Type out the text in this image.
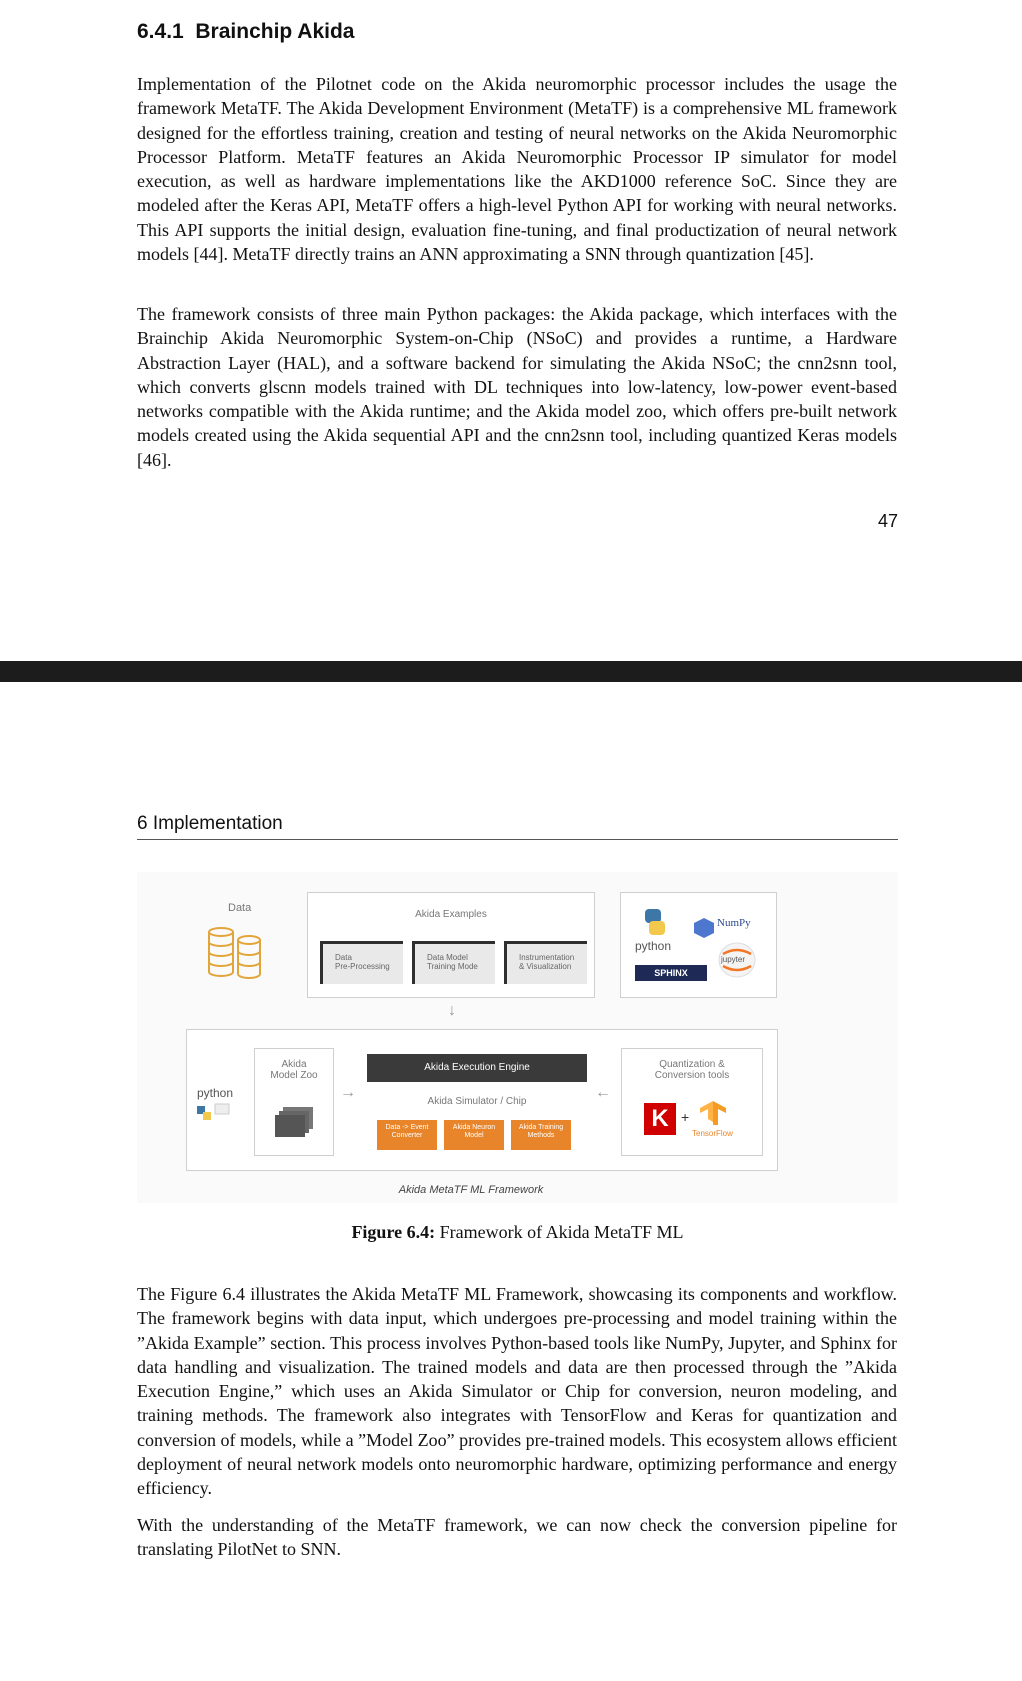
6.4.1 Brainchip Akida

Implementation of the Pilotnet code on the Akida neuromorphic processor includes the usage the framework MetaTF. The Akida Development Environment (MetaTF) is a comprehensive ML framework designed for the effortless training, creation and testing of neural networks on the Akida Neuromorphic Processor Platform. MetaTF features an Akida Neuromorphic Processor IP simulator for model execution, as well as hardware implementations like the AKD1000 reference SoC. Since they are modeled after the Keras API, MetaTF offers a high-level Python API for working with neural networks. This API supports the initial design, evaluation fine-tuning, and final productization of neural network models [44]. MetaTF directly trains an ANN approximating a SNN through quantization [45].

The framework consists of three main Python packages: the Akida package, which interfaces with the Brainchip Akida Neuromorphic System-on-Chip (NSoC) and provides a runtime, a Hardware Abstraction Layer (HAL), and a software backend for simulating the Akida NSoC; the cnn2snn tool, which converts glscnn models trained with DL techniques into low-latency, low-power event-based networks compatible with the Akida runtime; and the Akida model zoo, which offers pre-built network models created using the Akida sequential API and the cnn2snn tool, including quantized Keras models [46].

47
6 Implementation
Data
Akida Examples
Data
Pre-Processing
Data Model
Training Mode
Instrumentation
& Visualization
python
NumPy
jupyter
SPHINX
↓
python
Akida
Model Zoo
→
Akida Execution Engine
Akida Simulator / Chip
Data -> Event
Converter
Akida Neuron
Model
Akida Training
Methods
←
Quantization &
Conversion tools
K +
TensorFlow
Akida MetaTF ML Framework
Figure 6.4: Framework of Akida MetaTF ML

The Figure 6.4 illustrates the Akida MetaTF ML Framework, showcasing its components and workflow. The framework begins with data input, which undergoes pre-processing and model training within the ”Akida Example” section. This process involves Python-based tools like NumPy, Jupyter, and Sphinx for data handling and visualization. The trained models and data are then processed through the ”Akida Execution Engine,” which uses an Akida Simulator or Chip for conversion, neuron modeling, and training methods. The framework also integrates with TensorFlow and Keras for quantization and conversion of models, while a ”Model Zoo” provides pre-trained models. This ecosystem allows efficient deployment of neural network models onto neuromorphic hardware, optimizing performance and energy efficiency.

With the understanding of the MetaTF framework, we can now check the conversion pipeline for translating PilotNet to SNN.
